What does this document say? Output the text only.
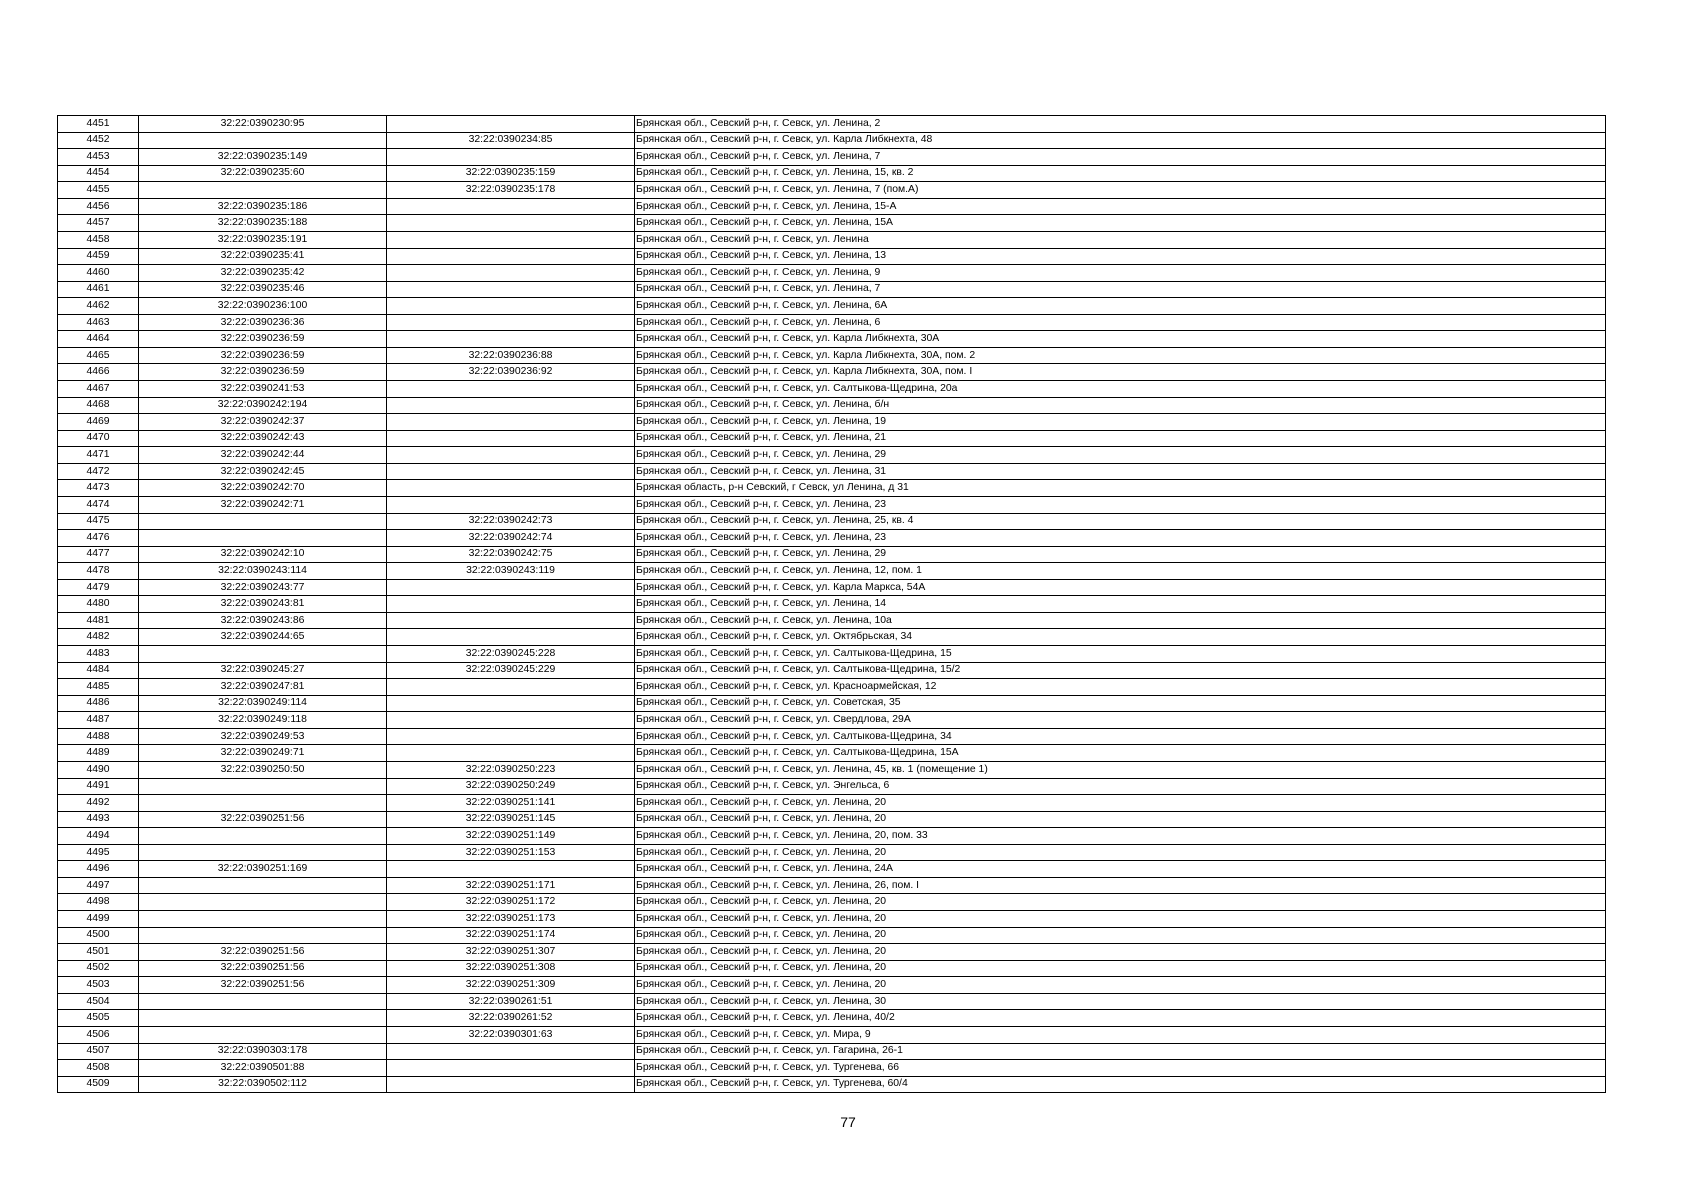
4451	32:22:0390230:95		Брянская обл., Севский р-н, г. Севск, ул. Ленина, 2
4452		32:22:0390234:85	Брянская обл., Севский р-н, г. Севск, ул. Карла Либкнехта, 48
4453	32:22:0390235:149		Брянская обл., Севский р-н, г. Севск, ул. Ленина, 7
4454	32:22:0390235:60	32:22:0390235:159	Брянская обл., Севский р-н, г. Севск, ул. Ленина, 15, кв. 2
4455		32:22:0390235:178	Брянская обл., Севский р-н, г. Севск, ул. Ленина, 7 (пом.А)
4456	32:22:0390235:186		Брянская обл., Севский р-н, г. Севск, ул. Ленина, 15-А
4457	32:22:0390235:188		Брянская обл., Севский р-н, г. Севск, ул. Ленина, 15А
4458	32:22:0390235:191		Брянская обл., Севский р-н, г. Севск, ул. Ленина
4459	32:22:0390235:41		Брянская обл., Севский р-н, г. Севск, ул. Ленина, 13
4460	32:22:0390235:42		Брянская обл., Севский р-н, г. Севск, ул. Ленина, 9
4461	32:22:0390235:46		Брянская обл., Севский р-н, г. Севск, ул. Ленина, 7
4462	32:22:0390236:100		Брянская обл., Севский р-н, г. Севск, ул. Ленина, 6А
4463	32:22:0390236:36		Брянская обл., Севский р-н, г. Севск, ул. Ленина, 6
4464	32:22:0390236:59		Брянская обл., Севский р-н, г. Севск, ул. Карла Либкнехта, 30А
4465	32:22:0390236:59	32:22:0390236:88	Брянская обл., Севский р-н, г. Севск, ул. Карла Либкнехта, 30А, пом. 2
4466	32:22:0390236:59	32:22:0390236:92	Брянская обл., Севский р-н, г. Севск, ул. Карла Либкнехта, 30А, пом. I
4467	32:22:0390241:53		Брянская обл., Севский р-н, г. Севск, ул. Салтыкова-Щедрина, 20а
4468	32:22:0390242:194		Брянская обл., Севский р-н, г. Севск, ул. Ленина, б/н
4469	32:22:0390242:37		Брянская обл., Севский р-н, г. Севск, ул. Ленина, 19
4470	32:22:0390242:43		Брянская обл., Севский р-н, г. Севск, ул. Ленина, 21
4471	32:22:0390242:44		Брянская обл., Севский р-н, г. Севск, ул. Ленина, 29
4472	32:22:0390242:45		Брянская обл., Севский р-н, г. Севск, ул. Ленина, 31
4473	32:22:0390242:70		Брянская область, р-н Севский, г Севск, ул Ленина, д 31
4474	32:22:0390242:71		Брянская обл., Севский р-н, г. Севск, ул. Ленина, 23
4475		32:22:0390242:73	Брянская обл., Севский р-н, г. Севск, ул. Ленина, 25, кв. 4
4476		32:22:0390242:74	Брянская обл., Севский р-н, г. Севск, ул. Ленина, 23
4477	32:22:0390242:10	32:22:0390242:75	Брянская обл., Севский р-н, г. Севск, ул. Ленина, 29
4478	32:22:0390243:114	32:22:0390243:119	Брянская обл., Севский р-н, г. Севск, ул. Ленина, 12, пом. 1
4479	32:22:0390243:77		Брянская обл., Севский р-н, г. Севск, ул. Карла Маркса, 54А
4480	32:22:0390243:81		Брянская обл., Севский р-н, г. Севск, ул. Ленина, 14
4481	32:22:0390243:86		Брянская обл., Севский р-н, г. Севск, ул. Ленина, 10а
4482	32:22:0390244:65		Брянская обл., Севский р-н, г. Севск, ул. Октябрьская, 34
4483		32:22:0390245:228	Брянская обл., Севский р-н, г. Севск, ул. Салтыкова-Щедрина, 15
4484	32:22:0390245:27	32:22:0390245:229	Брянская обл., Севский р-н, г. Севск, ул. Салтыкова-Щедрина, 15/2
4485	32:22:0390247:81		Брянская обл., Севский р-н, г. Севск, ул. Красноармейская, 12
4486	32:22:0390249:114		Брянская обл., Севский р-н, г. Севск, ул. Советская, 35
4487	32:22:0390249:118		Брянская обл., Севский р-н, г. Севск, ул. Свердлова, 29А
4488	32:22:0390249:53		Брянская обл., Севский р-н, г. Севск, ул. Салтыкова-Щедрина, 34
4489	32:22:0390249:71		Брянская обл., Севский р-н, г. Севск, ул. Салтыкова-Щедрина, 15А
4490	32:22:0390250:50	32:22:0390250:223	Брянская обл., Севский р-н, г. Севск, ул. Ленина, 45, кв. 1 (помещение 1)
4491		32:22:0390250:249	Брянская обл., Севский р-н, г. Севск, ул. Энгельса, 6
4492		32:22:0390251:141	Брянская обл., Севский р-н, г. Севск, ул. Ленина, 20
4493	32:22:0390251:56	32:22:0390251:145	Брянская обл., Севский р-н, г. Севск, ул. Ленина, 20
4494		32:22:0390251:149	Брянская обл., Севский р-н, г. Севск, ул. Ленина, 20, пом. 33
4495		32:22:0390251:153	Брянская обл., Севский р-н, г. Севск, ул. Ленина, 20
4496	32:22:0390251:169		Брянская обл., Севский р-н, г. Севск, ул. Ленина, 24А
4497		32:22:0390251:171	Брянская обл., Севский р-н, г. Севск, ул. Ленина, 26, пом. I
4498		32:22:0390251:172	Брянская обл., Севский р-н, г. Севск, ул. Ленина, 20
4499		32:22:0390251:173	Брянская обл., Севский р-н, г. Севск, ул. Ленина, 20
4500		32:22:0390251:174	Брянская обл., Севский р-н, г. Севск, ул. Ленина, 20
4501	32:22:0390251:56	32:22:0390251:307	Брянская обл., Севский р-н, г. Севск, ул. Ленина, 20
4502	32:22:0390251:56	32:22:0390251:308	Брянская обл., Севский р-н, г. Севск, ул. Ленина, 20
4503	32:22:0390251:56	32:22:0390251:309	Брянская обл., Севский р-н, г. Севск, ул. Ленина, 20
4504		32:22:0390261:51	Брянская обл., Севский р-н, г. Севск, ул. Ленина, 30
4505		32:22:0390261:52	Брянская обл., Севский р-н, г. Севск, ул. Ленина, 40/2
4506		32:22:0390301:63	Брянская обл., Севский р-н, г. Севск, ул. Мира, 9
4507	32:22:0390303:178		Брянская обл., Севский р-н, г. Севск, ул. Гагарина, 26-1
4508	32:22:0390501:88		Брянская обл., Севский р-н, г. Севск, ул. Тургенева, 66
4509	32:22:0390502:112		Брянская обл., Севский р-н, г. Севск, ул. Тургенева, 60/4
77
